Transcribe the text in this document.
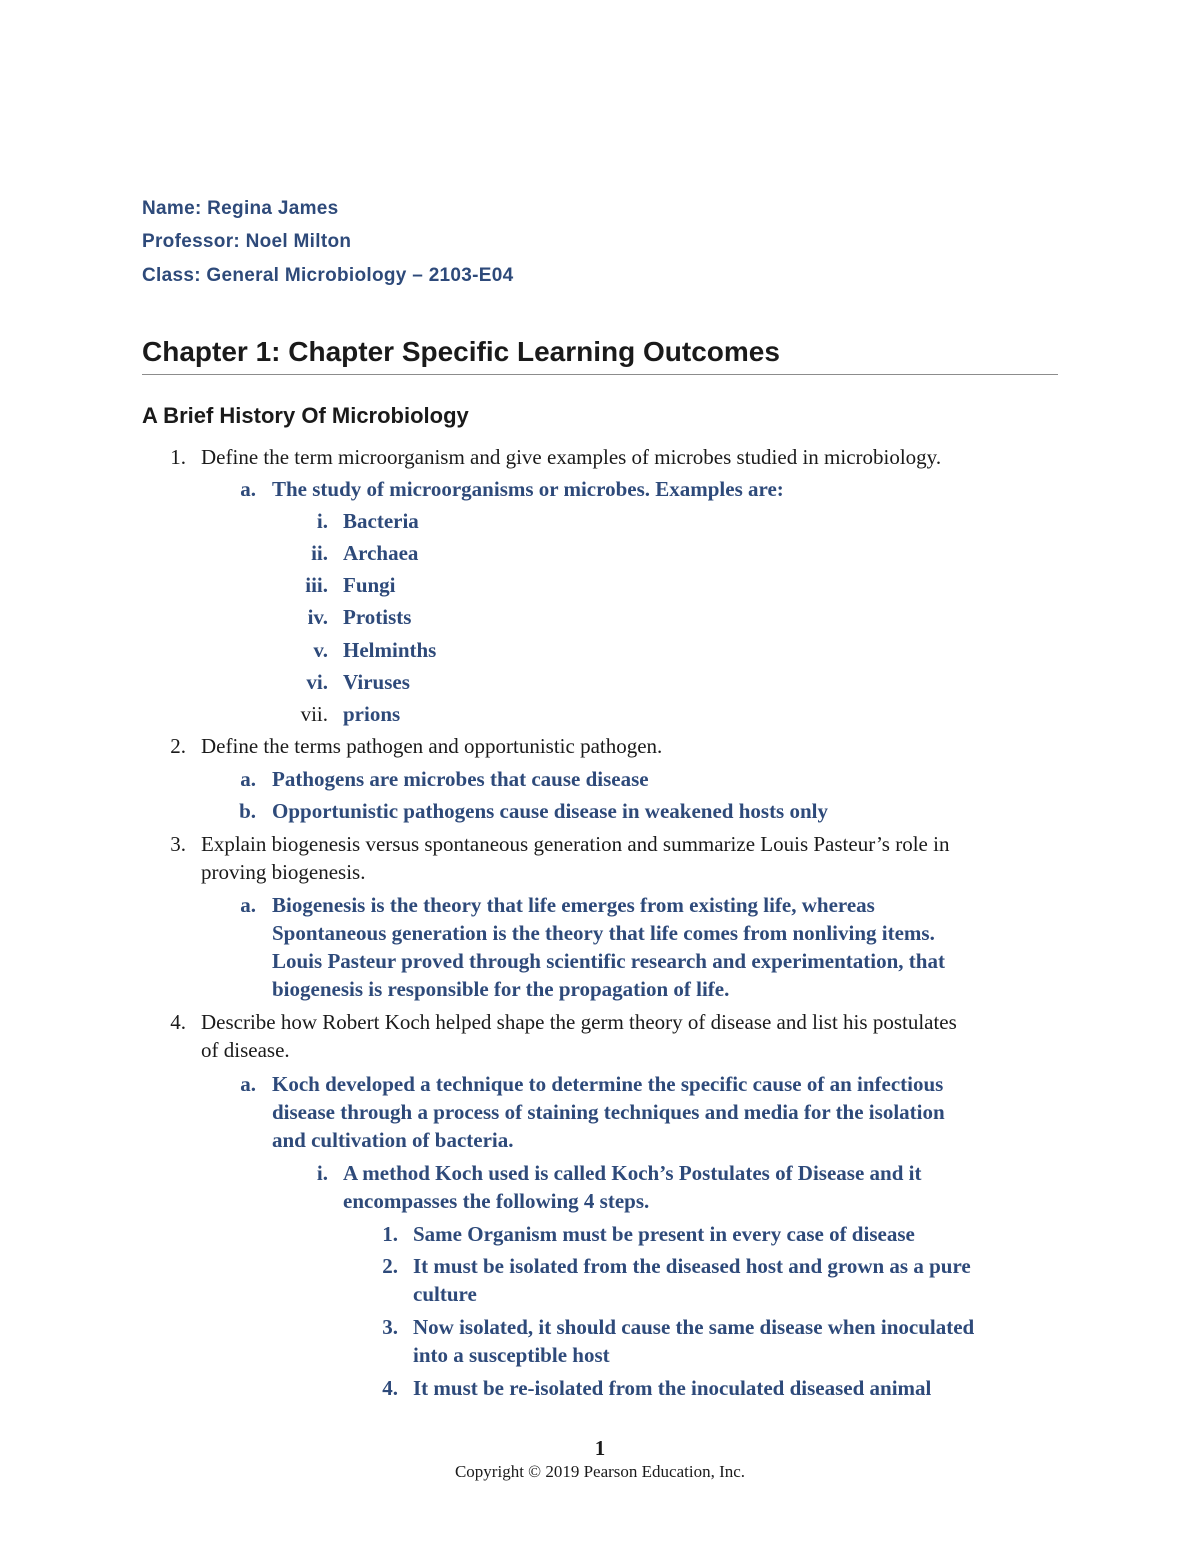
Name: Regina James
Professor: Noel Milton
Class: General Microbiology – 2103-E04
Chapter 1: Chapter Specific Learning Outcomes
A Brief History Of Microbiology
1. Define the term microorganism and give examples of microbes studied in microbiology.
a. The study of microorganisms or microbes. Examples are:
i. Bacteria
ii. Archaea
iii. Fungi
iv. Protists
v. Helminths
vi. Viruses
vii. prions
2. Define the terms pathogen and opportunistic pathogen.
a. Pathogens are microbes that cause disease
b. Opportunistic pathogens cause disease in weakened hosts only
3. Explain biogenesis versus spontaneous generation and summarize Louis Pasteur’s role in
proving biogenesis.
a. Biogenesis is the theory that life emerges from existing life, whereas
Spontaneous generation is the theory that life comes from nonliving items.
Louis Pasteur proved through scientific research and experimentation, that
biogenesis is responsible for the propagation of life.
4. Describe how Robert Koch helped shape the germ theory of disease and list his postulates
of disease.
a. Koch developed a technique to determine the specific cause of an infectious
disease through a process of staining techniques and media for the isolation
and cultivation of bacteria.
i. A method Koch used is called Koch’s Postulates of Disease and it
encompasses the following 4 steps.
1. Same Organism must be present in every case of disease
2. It must be isolated from the diseased host and grown as a pure
culture
3. Now isolated, it should cause the same disease when inoculated
into a susceptible host
4. It must be re-isolated from the inoculated diseased animal
1
Copyright © 2019 Pearson Education, Inc.
